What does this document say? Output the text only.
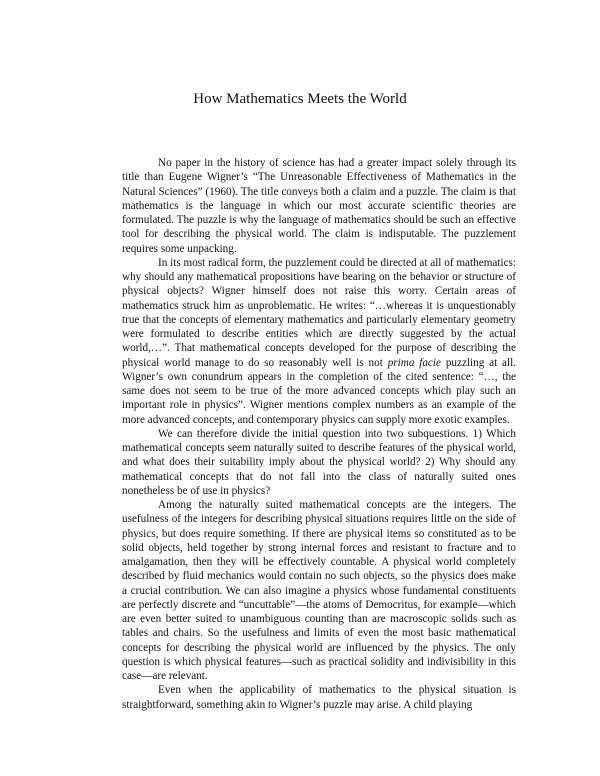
How Mathematics Meets the World

No paper in the history of science has had a greater impact solely through its title than Eugene Wigner’s “The Unreasonable Effectiveness of Mathematics in the Natural Sciences” (1960). The title conveys both a claim and a puzzle. The claim is that mathematics is the language in which our most accurate scientific theories are formulated. The puzzle is why the language of mathematics should be such an effective tool for describing the physical world. The claim is indisputable. The puzzlement requires some unpacking.

In its most radical form, the puzzlement could be directed at all of mathematics: why should any mathematical propositions have bearing on the behavior or structure of physical objects? Wigner himself does not raise this worry. Certain areas of mathematics struck him as unproblematic. He writes: “…whereas it is unquestionably true that the concepts of elementary mathematics and particularly elementary geometry were formulated to describe entities which are directly suggested by the actual world,…”. That mathematical concepts developed for the purpose of describing the physical world manage to do so reasonably well is not prima facie puzzling at all. Wigner’s own conundrum appears in the completion of the cited sentence: “…, the same does not seem to be true of the more advanced concepts which play such an important role in physics”. Wigner mentions complex numbers as an example of the more advanced concepts, and contemporary physics can supply more exotic examples.

We can therefore divide the initial question into two subquestions. 1) Which mathematical concepts seem naturally suited to describe features of the physical world, and what does their suitability imply about the physical world? 2) Why should any mathematical concepts that do not fall into the class of naturally suited ones nonetheless be of use in physics?

Among the naturally suited mathematical concepts are the integers. The usefulness of the integers for describing physical situations requires little on the side of physics, but does require something. If there are physical items so constituted as to be solid objects, held together by strong internal forces and resistant to fracture and to amalgamation, then they will be effectively countable. A physical world completely described by fluid mechanics would contain no such objects, so the physics does make a crucial contribution. We can also imagine a physics whose fundamental constituents are perfectly discrete and “uncuttable”—the atoms of Democritus, for example—which are even better suited to unambiguous counting than are macroscopic solids such as tables and chairs. So the usefulness and limits of even the most basic mathematical concepts for describing the physical world are influenced by the physics. The only question is which physical features—such as practical solidity and indivisibility in this case—are relevant.

Even when the applicability of mathematics to the physical situation is straightforward, something akin to Wigner’s puzzle may arise. A child playing
